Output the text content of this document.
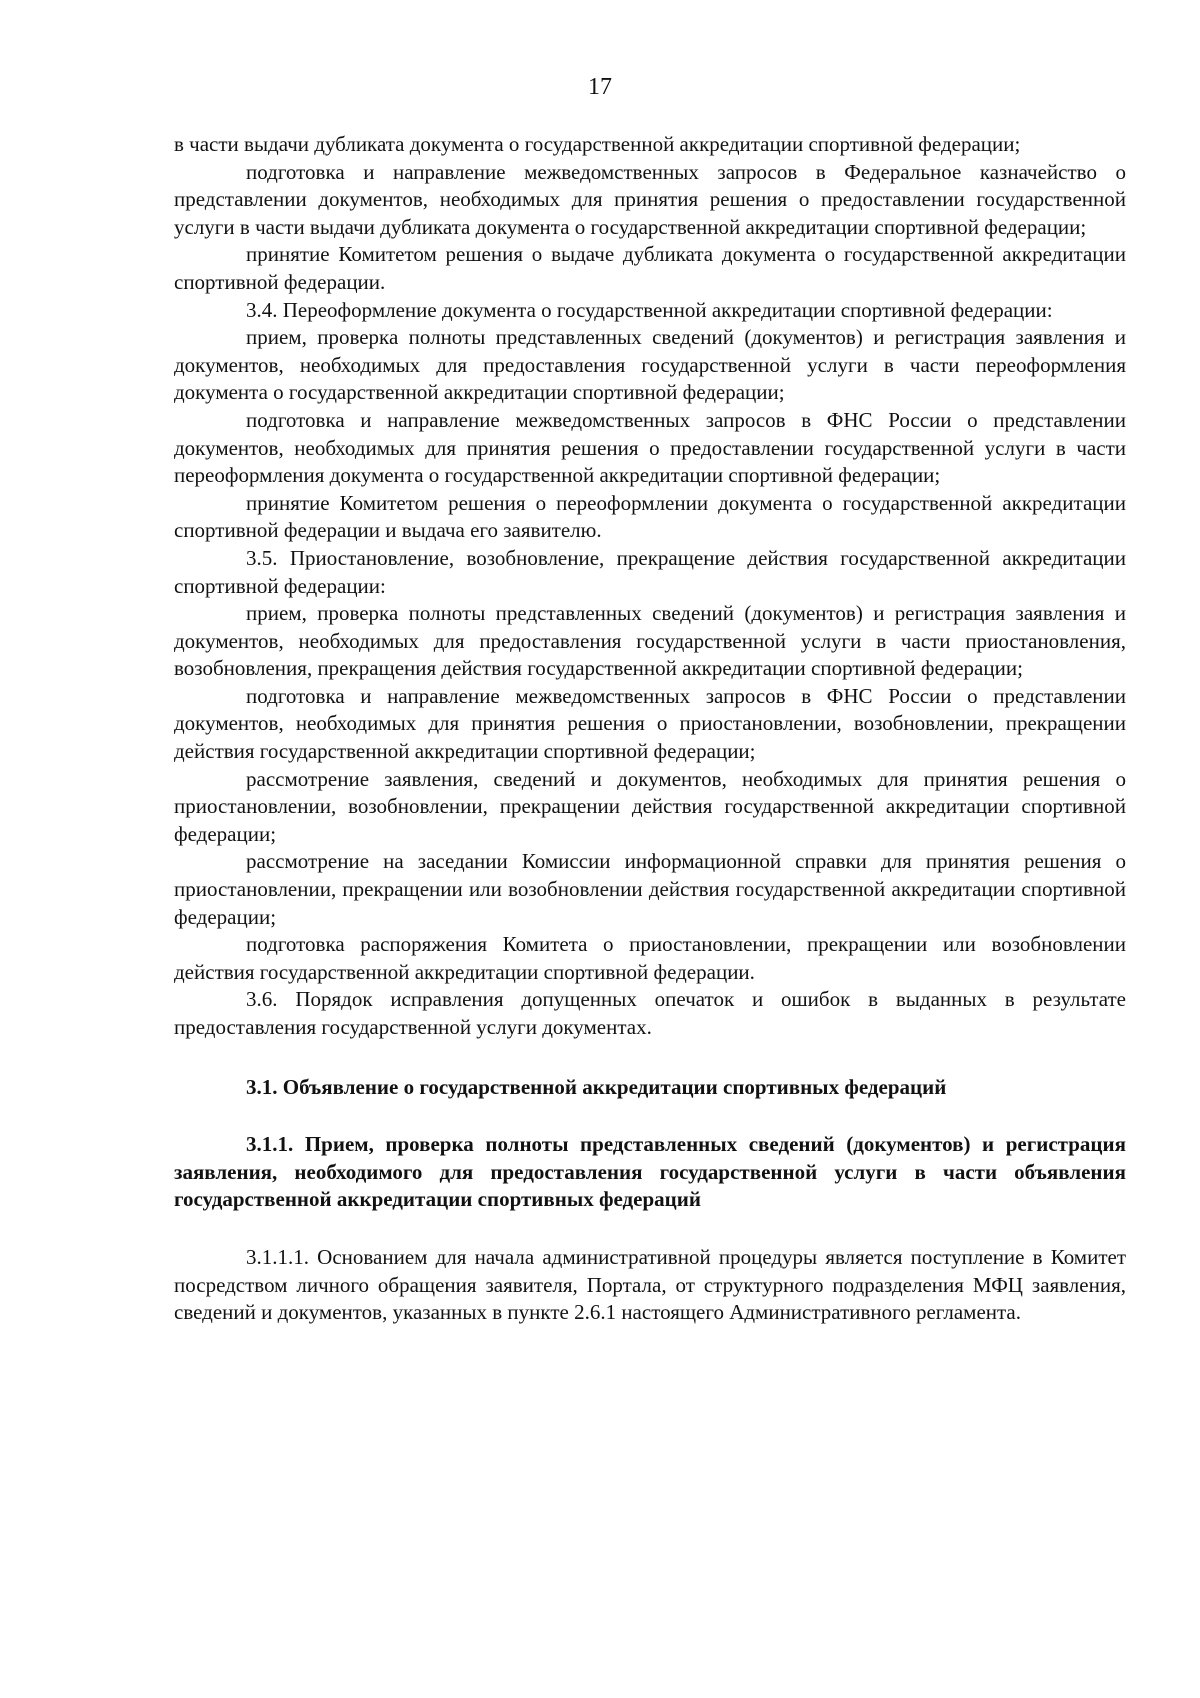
17

в части выдачи дубликата документа о государственной аккредитации спортивной федерации;

подготовка и направление межведомственных запросов в Федеральное казначейство о представлении документов, необходимых для принятия решения о предоставлении государственной услуги в части выдачи дубликата документа о государственной аккредитации спортивной федерации;

принятие Комитетом решения о выдаче дубликата документа о государственной аккредитации спортивной федерации.

3.4. Переоформление документа о государственной аккредитации спортивной федерации:

прием, проверка полноты представленных сведений (документов) и регистрация заявления и документов, необходимых для предоставления государственной услуги в части переоформления документа о государственной аккредитации спортивной федерации;

подготовка и направление межведомственных запросов в ФНС России о представлении документов, необходимых для принятия решения о предоставлении государственной услуги в части переоформления документа о государственной аккредитации спортивной федерации;

принятие Комитетом решения о переоформлении документа о государственной аккредитации спортивной федерации и выдача его заявителю.

3.5. Приостановление, возобновление, прекращение действия государственной аккредитации спортивной федерации:

прием, проверка полноты представленных сведений (документов) и регистрация заявления и документов, необходимых для предоставления государственной услуги в части приостановления, возобновления, прекращения действия государственной аккредитации спортивной федерации;

подготовка и направление межведомственных запросов в ФНС России о представлении документов, необходимых для принятия решения о приостановлении, возобновлении, прекращении действия государственной аккредитации спортивной федерации;

рассмотрение заявления, сведений и документов, необходимых для принятия решения о приостановлении, возобновлении, прекращении действия государственной аккредитации спортивной федерации;

рассмотрение на заседании Комиссии информационной справки для принятия решения о приостановлении, прекращении или возобновлении действия государственной аккредитации спортивной федерации;

подготовка распоряжения Комитета о приостановлении, прекращении или возобновлении действия государственной аккредитации спортивной федерации.

3.6. Порядок исправления допущенных опечаток и ошибок в выданных в результате предоставления государственной услуги документах.

3.1. Объявление о государственной аккредитации спортивных федераций

3.1.1. Прием, проверка полноты представленных сведений (документов) и регистрация заявления, необходимого для предоставления государственной услуги в части объявления государственной аккредитации спортивных федераций

3.1.1.1. Основанием для начала административной процедуры является поступление в Комитет посредством личного обращения заявителя, Портала, от структурного подразделения МФЦ заявления, сведений и документов, указанных в пункте 2.6.1 настоящего Административного регламента.
